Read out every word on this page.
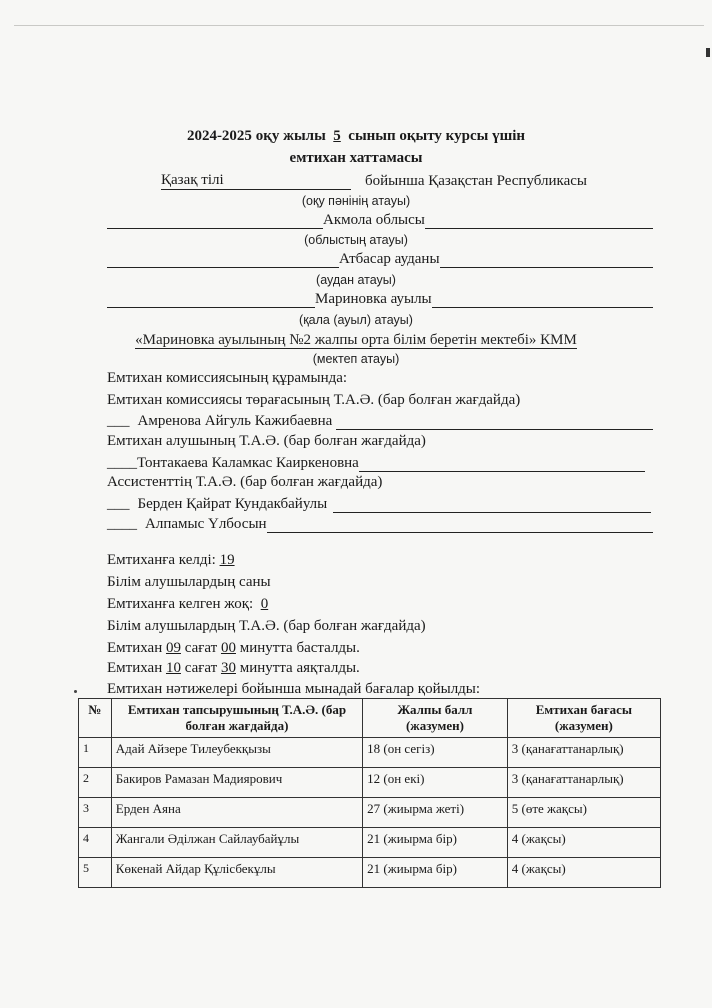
2024-2025 оқу жылы 5 сынып оқыту курсы үшін
емтихан хаттамасы
Қазақ тілі	бойынша Қазақстан Республикасы
(оқу пәнінің атауы)
Акмола облысы
(облыстың атауы)
Атбасар ауданы
(аудан атауы)
Мариновка ауылы
(қала (ауыл) атауы)
«Мариновка ауылының №2 жалпы орта білім беретін мектебі» КММ
(мектеп атауы)
Емтихан комиссиясының құрамында:
Емтихан комиссиясы төрағасының Т.А.Ә. (бар болған жағдайда)
___ Амренова Айгуль Кажибаевна
Емтихан алушының Т.А.Ә. (бар болған жағдайда)
____ Тонтакаева Каламкас Каиркеновна
Ассистенттің Т.А.Ә. (бар болған жағдайда)
___ Берден Қайрат Кундакбайулы
____ Алпамыс Үлбосын
Емтиханға келді: 19
Білім алушылардың саны
Емтиханға келген жоқ: 0
Білім алушылардың Т.А.Ә. (бар болған жағдайда)
Емтихан 09 сағат 00 минутта басталды.
Емтихан 10 сағат 30 минутта аяқталды.
Емтихан нәтижелері бойынша мынадай бағалар қойылды:
№	Емтихан тапсырушының Т.А.Ә. (бар болған жағдайда)	Жалпы балл (жазумен)	Емтихан бағасы (жазумен)
1	Адай Айзере Тилеубекқызы	18 (он сегіз)	3 (қанағаттанарлық)
2	Бакиров Рамазан Мадиярович	12 (он екі)	3 (қанағаттанарлық)
3	Ерден Аяна	27 (жиырма жеті)	5 (өте жақсы)
4	Жангали Әділжан Сайлаубайұлы	21 (жиырма бір)	4 (жақсы)
5	Көкенай Айдар Құлісбекұлы	21 (жиырма бір)	4 (жақсы)
